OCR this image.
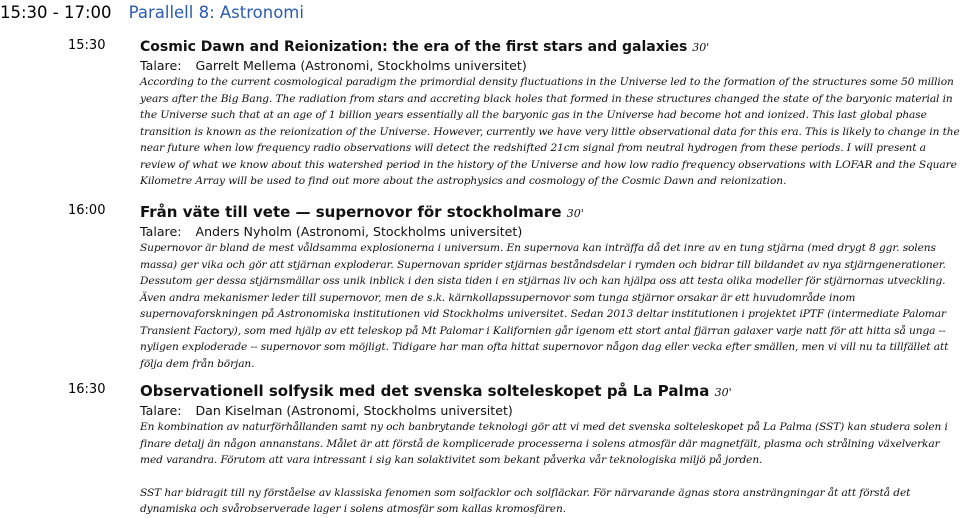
15:30 - 17:00 Parallell 8: Astronomi
15:30 Cosmic Dawn and Reionization: the era of the first stars and galaxies 30'
Talare: Garrelt Mellema (Astronomi, Stockholms universitet)

According to the current cosmological paradigm the primordial density fluctuations in the Universe led to the formation of the structures some 50 million years after the Big Bang. The radiation from stars and accreting black holes that formed in these structures changed the state of the baryonic material in the Universe such that at an age of 1 billion years essentially all the baryonic gas in the Universe had become hot and ionized. This last global phase transition is known as the reionization of the Universe. However, currently we have very little observational data for this era. This is likely to change in the near future when low frequency radio observations will detect the redshifted 21cm signal from neutral hydrogen from these periods. I will present a review of what we know about this watershed period in the history of the Universe and how low radio frequency observations with LOFAR and the Square Kilometre Array will be used to find out more about the astrophysics and cosmology of the Cosmic Dawn and reionization.

16:00 Från väte till vete — supernovor för stockholmare 30'
Talare: Anders Nyholm (Astronomi, Stockholms universitet)

Supernovor är bland de mest våldsamma explosionerna i universum. En supernova kan inträffa då det inre av en tung stjärna (med drygt 8 ggr. solens massa) ger vika och gör att stjärnan exploderar. Supernovan sprider stjärnas beståndsdelar i rymden och bidrar till bildandet av nya stjärngenerationer. Dessutom ger dessa stjärnsmällar oss unik inblick i den sista tiden i en stjärnas liv och kan hjälpa oss att testa olika modeller för stjärnornas utveckling. Även andra mekanismer leder till supernovor, men de s.k. kärnkollapssupernovor som tunga stjärnor orsakar är ett huvudområde inom supernovaforskningen på Astronomiska institutionen vid Stockholms universitet. Sedan 2013 deltar institutionen i projektet iPTF (intermediate Palomar Transient Factory), som med hjälp av ett teleskop på Mt Palomar i Kalifornien går igenom ett stort antal fjärran galaxer varje natt för att hitta så unga -- nyligen exploderade -- supernovor som möjligt. Tidigare har man ofta hittat supernovor någon dag eller vecka efter smällen, men vi vill nu ta tillfället att följa dem från början.

16:30 Observationell solfysik med det svenska solteleskopet på La Palma 30'
Talare: Dan Kiselman (Astronomi, Stockholms universitet)

En kombination av naturförhållanden samt ny och banbrytande teknologi gör att vi med det svenska solteleskopet på La Palma (SST) kan studera solen i finare detalj än någon annanstans. Målet är att förstå de komplicerade processerna i solens atmosfär där magnetfält, plasma och strålning växelverkar med varandra. Förutom att vara intressant i sig kan solaktivitet som bekant påverka vår teknologiska miljö på jorden.

SST har bidragit till ny förståelse av klassiska fenomen som solfacklor och solfläckar. För närvarande ägnas stora ansträngningar åt att förstå det dynamiska och svårobserverade lager i solens atmosfär som kallas kromosfären.
